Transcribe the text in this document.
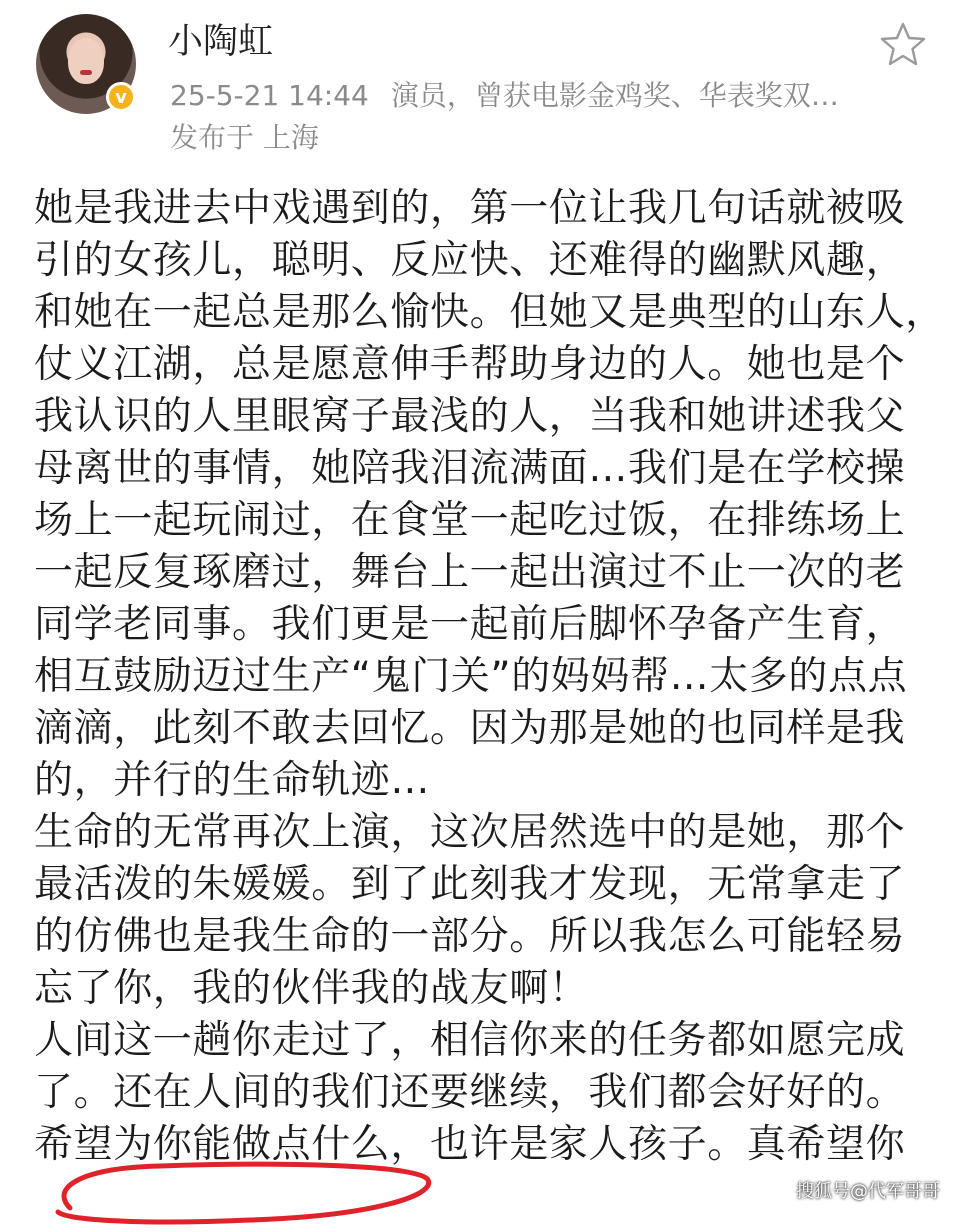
v
小陶虹
25-5-21 14:44 演员，曾获电影金鸡奖、华表奖双…
发布于 上海
她是我进去中戏遇到的，第一位让我几句话就被吸
引的女孩儿，聪明、反应快、还难得的幽默风趣，
和她在一起总是那么愉快。但她又是典型的山东人，
仗义江湖，总是愿意伸手帮助身边的人。她也是个
我认识的人里眼窝子最浅的人，当我和她讲述我父
母离世的事情，她陪我泪流满面…我们是在学校操
场上一起玩闹过，在食堂一起吃过饭，在排练场上
一起反复琢磨过，舞台上一起出演过不止一次的老
同学老同事。我们更是一起前后脚怀孕备产生育，
相互鼓励迈过生产“鬼门关”的妈妈帮…太多的点点
滴滴，此刻不敢去回忆。因为那是她的也同样是我
的，并行的生命轨迹…
生命的无常再次上演，这次居然选中的是她，那个
最活泼的朱媛媛。到了此刻我才发现，无常拿走了
的仿佛也是我生命的一部分。所以我怎么可能轻易
忘了你，我的伙伴我的战友啊！
人间这一趟你走过了，相信你来的任务都如愿完成
了。还在人间的我们还要继续，我们都会好好的。
希望为你能做点什么，也许是家人孩子。真希望你
搜狐号@代军哥哥
